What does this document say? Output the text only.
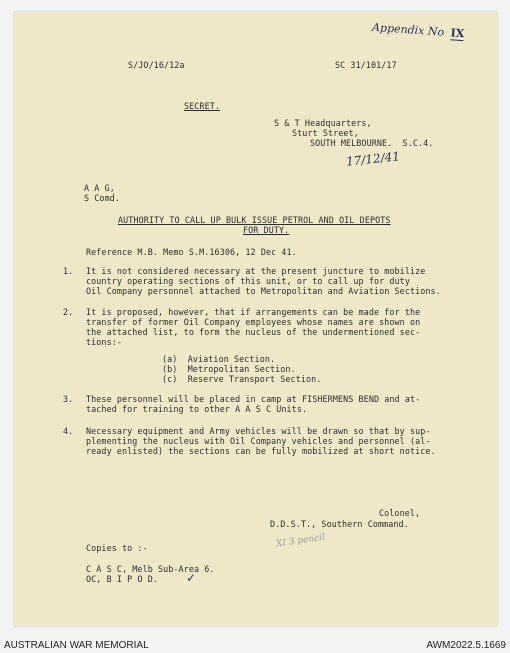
Appendix No IX
S/JO/16/12a	SC 31/101/17
SECRET.
S & T Headquarters,
Sturt Street,
SOUTH MELBOURNE.  S.C.4.
17/12/41
A A G,
S Comd.
AUTHORITY TO CALL UP BULK ISSUE PETROL AND OIL DEPOTS
FOR DUTY.
Reference M.B. Memo S.M.16306, 12 Dec 41.
1. It is not considered necessary at the present juncture to mobilize
country operating sections of this unit, or to call up for duty
Oil Company personnel attached to Metropolitan and Aviation Sections.
2. It is proposed, however, that if arrangements can be made for the
transfer of former Oil Company employees whose names are shown on
the attached list, to form the nucleus of the undermentioned sec-
tions:-
(a)  Aviation Section.
(b)  Metropolitan Section.
(c)  Reserve Transport Section.
3. These personnel will be placed in camp at FISHERMENS BEND and at-
tached for training to other A A S C Units.
4. Necessary equipment and Army vehicles will be drawn so that by sup-
plementing the nucleus with Oil Company vehicles and personnel (al-
ready enlisted) the sections can be fully mobilized at short notice.
Colonel,
D.D.S.T., Southern Command.
XI 3 pencil
Copies to :-
C A S C, Melb Sub-Area 6.
OC, B I P O D. ✓
AUSTRALIAN WAR MEMORIAL	AWM2022.5.1669
